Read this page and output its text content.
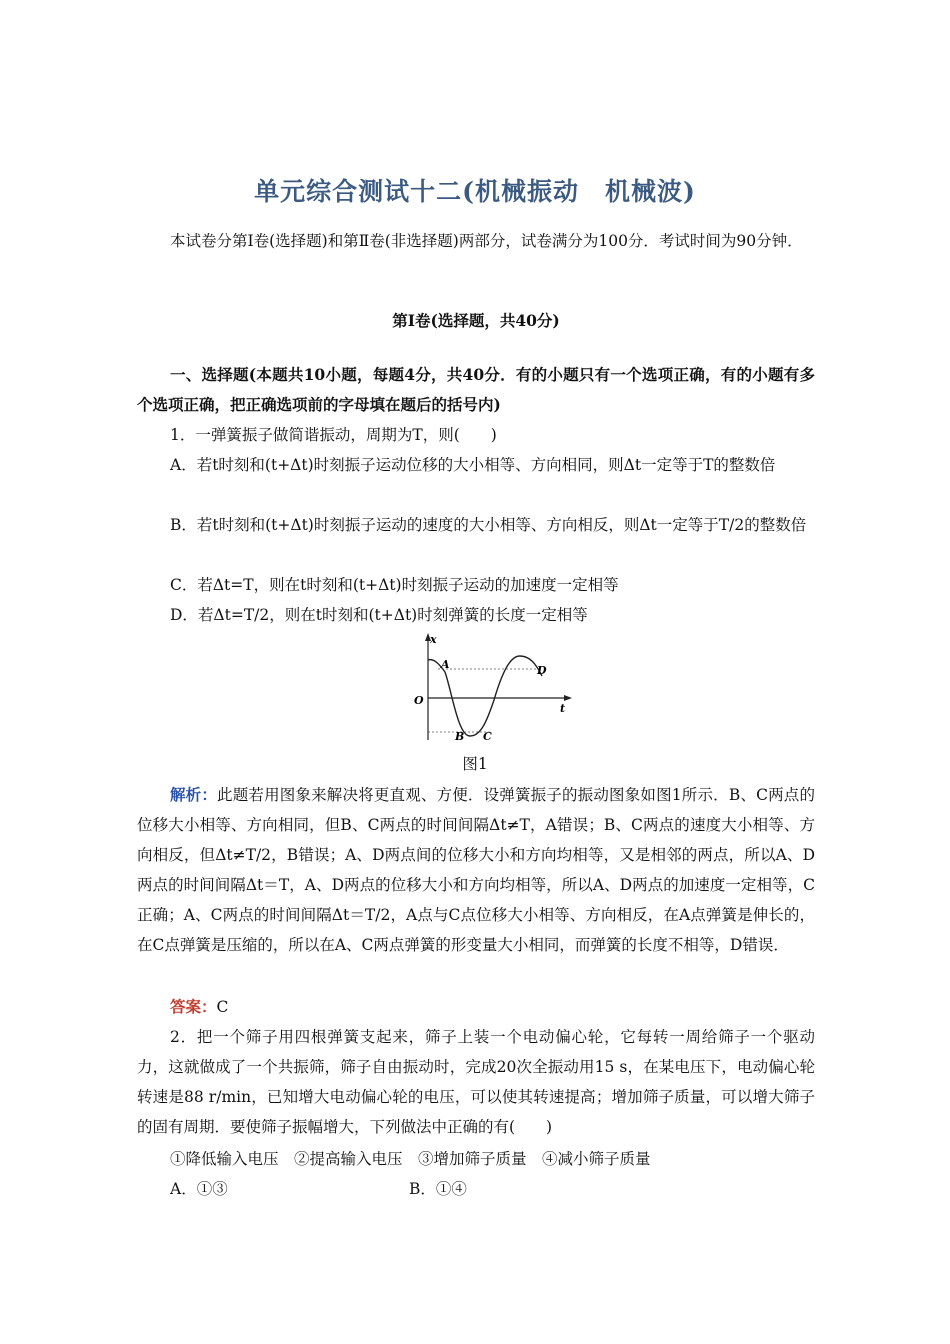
单元综合测试十二(机械振动　机械波)

本试卷分第Ⅰ卷(选择题)和第Ⅱ卷(非选择题)两部分，试卷满分为100分．考试时间为90分钟．

第Ⅰ卷(选择题，共40分)

一、选择题(本题共10小题，每题4分，共40分．有的小题只有一个选项正确，有的小题有多个选项正确，把正确选项前的字母填在题后的括号内)

1．一弹簧振子做简谐振动，周期为T，则(　　)

A．若t时刻和(t+Δt)时刻振子运动位移的大小相等、方向相同，则Δt一定等于T的整数倍

B．若t时刻和(t+Δt)时刻振子运动的速度的大小相等、方向相反，则Δt一定等于T/2的整数倍

C．若Δt=T，则在t时刻和(t+Δt)时刻振子运动的加速度一定相等

D．若Δt=T/2，则在t时刻和(t+Δt)时刻弹簧的长度一定相等

x
t
O
A
B C
D
图1

解析：此题若用图象来解决将更直观、方便．设弹簧振子的振动图象如图1所示．B、C两点的位移大小相等、方向相同，但B、C两点的时间间隔Δt≠T，A错误；B、C两点的速度大小相等、方向相反，但Δt≠T/2，B错误；A、D两点间的位移大小和方向均相等，又是相邻的两点，所以A、D两点的时间间隔Δt＝T，A、D两点的位移大小和方向均相等，所以A、D两点的加速度一定相等，C正确；A、C两点的时间间隔Δt＝T/2，A点与C点位移大小相等、方向相反，在A点弹簧是伸长的，在C点弹簧是压缩的，所以在A、C两点弹簧的形变量大小相同，而弹簧的长度不相等，D错误．

答案：C

2．把一个筛子用四根弹簧支起来，筛子上装一个电动偏心轮，它每转一周给筛子一个驱动力，这就做成了一个共振筛，筛子自由振动时，完成20次全振动用15 s，在某电压下，电动偏心轮转速是88 r/min，已知增大电动偏心轮的电压，可以使其转速提高；增加筛子质量，可以增大筛子的固有周期．要使筛子振幅增大，下列做法中正确的有(　　)

①降低输入电压　②提高输入电压　③增加筛子质量　④减小筛子质量

A．①③	B．①④
